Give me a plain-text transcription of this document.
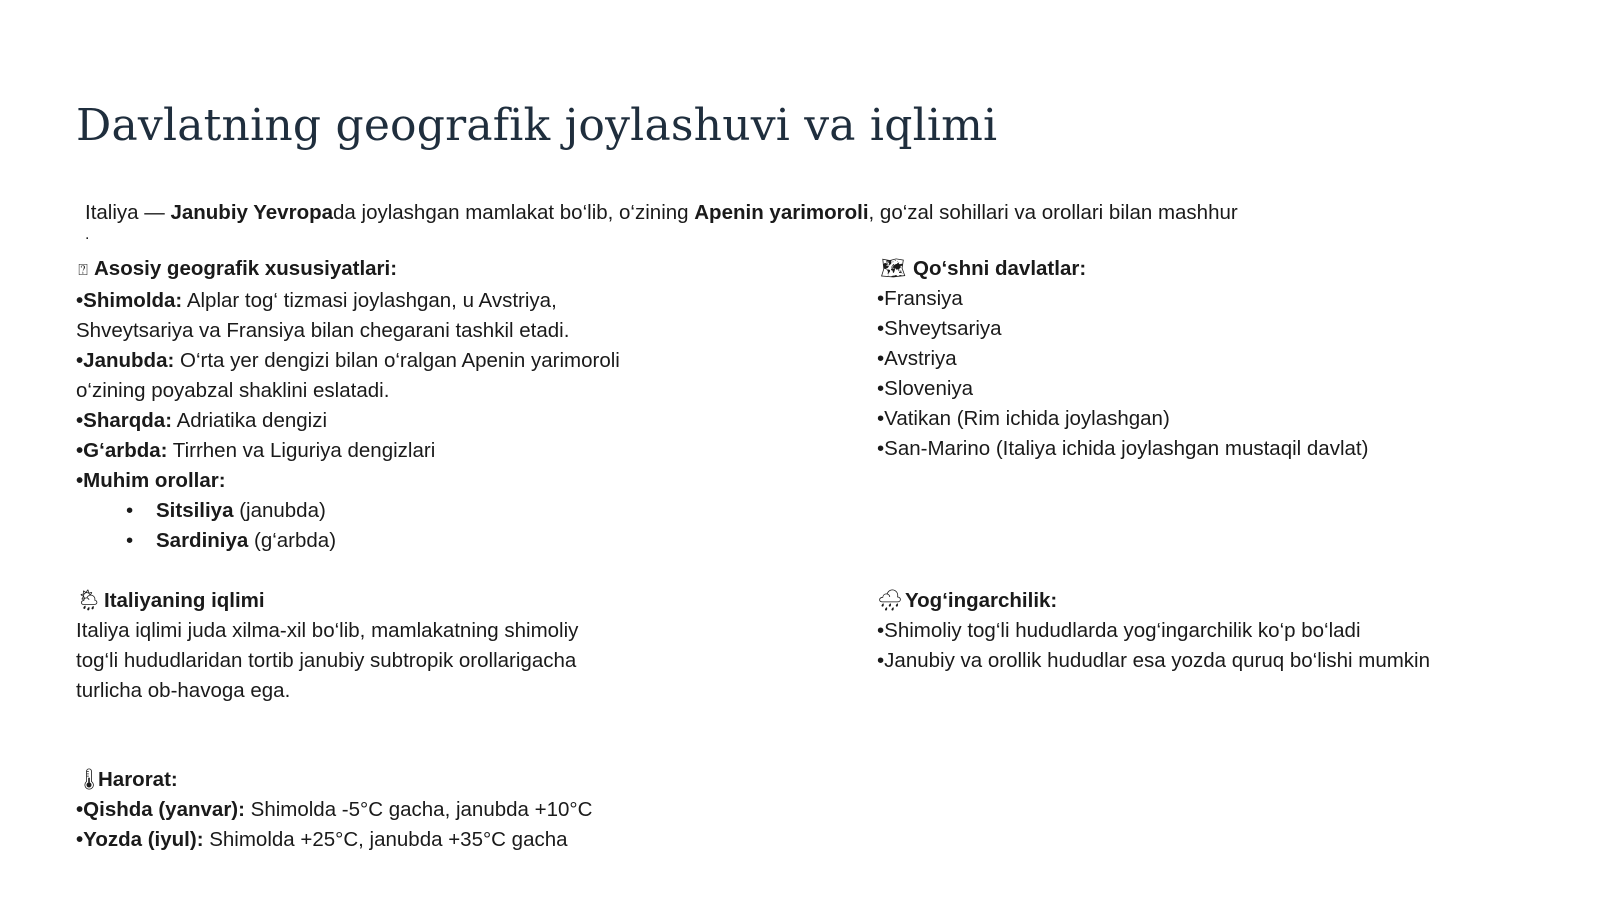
Davlatning geografik joylashuvi va iqlimi
Italiya — Janubiy Yevropada joylashgan mamlakat bo‘lib, o‘zining Apenin yarimoroli, go‘zal sohillari va orollari bilan mashhur
.
⍰ Asosiy geografik xususiyatlari:
•Shimolda: Alplar tog‘ tizmasi joylashgan, u Avstriya,
Shveytsariya va Fransiya bilan chegarani tashkil etadi.
•Janubda: O‘rta yer dengizi bilan o‘ralgan Apenin yarimoroli
o‘zining poyabzal shaklini eslatadi.
•Sharqda: Adriatika dengizi
•G‘arbda: Tirrhen va Liguriya dengizlari
•Muhim orollar:
• Sitsiliya (janubda)
• Sardiniya (g‘arbda)
🗺 Qo‘shni davlatlar:
•Fransiya
•Shveytsariya
•Avstriya
•Sloveniya
•Vatikan (Rim ichida joylashgan)
•San-Marino (Italiya ichida joylashgan mustaqil davlat)
🌦Italiyaning iqlimi
Italiya iqlimi juda xilma-xil bo‘lib, mamlakatning shimoliy
tog‘li hududlaridan tortib janubiy subtropik orollarigacha
turlicha ob-havoga ega.
🌧Yog‘ingarchilik:
•Shimoliy tog‘li hududlarda yog‘ingarchilik ko‘p bo‘ladi
•Janubiy va orollik hududlar esa yozda quruq bo‘lishi mumkin
🌡Harorat:
•Qishda (yanvar): Shimolda -5°C gacha, janubda +10°C
•Yozda (iyul): Shimolda +25°C, janubda +35°C gacha
